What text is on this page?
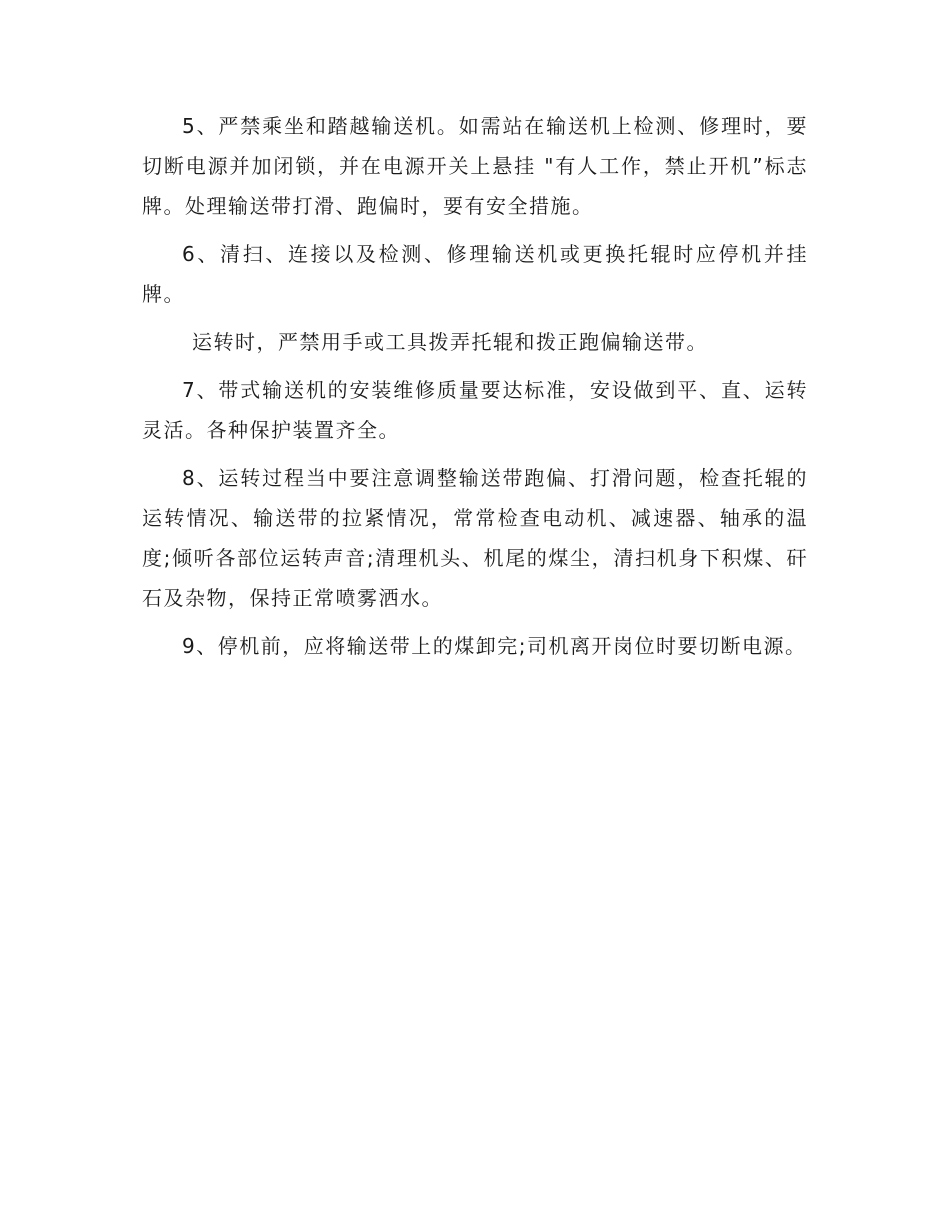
5、严禁乘坐和踏越输送机。如需站在输送机上检测、修理时，要切断电源并加闭锁，并在电源开关上悬挂 "有人工作，禁止开机”标志牌。处理输送带打滑、跑偏时，要有安全措施。

6、清扫、连接以及检测、修理输送机或更换托辊时应停机并挂牌。

运转时，严禁用手或工具拨弄托辊和拨正跑偏输送带。

7、带式输送机的安装维修质量要达标准，安设做到平、直、运转灵活。各种保护装置齐全。

8、运转过程当中要注意调整输送带跑偏、打滑问题，检查托辊的运转情况、输送带的拉紧情况，常常检查电动机、减速器、轴承的温度;倾听各部位运转声音;清理机头、机尾的煤尘，清扫机身下积煤、矸石及杂物，保持正常喷雾洒水。

9、停机前，应将输送带上的煤卸完;司机离开岗位时要切断电源。
